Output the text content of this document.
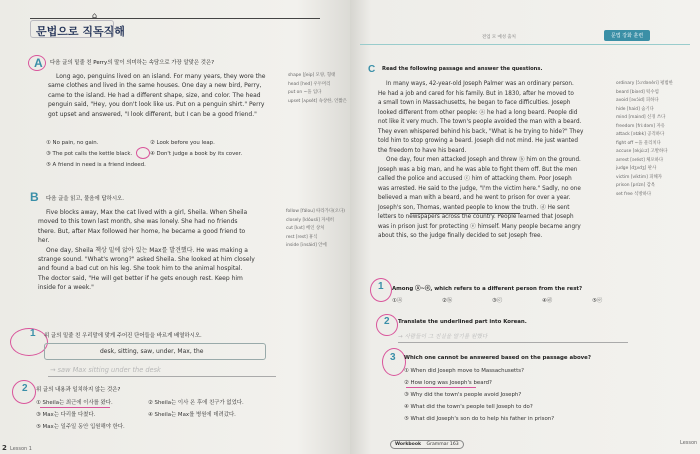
⌂
문법으로 직독직해
A 다음 글의 밑줄 친 Perry의 말이 의미하는 속담으로 가장 알맞은 것은?
Long ago, penguins lived on an island. For many years, they wore the
same clothes and lived in the same houses. One day a new bird, Perry,
came to the island. He had a different shape, size, and color. The head
penguin said, "Hey, you don't look like us. Put on a penguin shirt." Perry
got upset and answered, "I look different, but I can be a good friend."
shape [ʃeip] 모양, 형태
head [hed] 우두머리
put on ~을 입다
upset [ʌpsét] 속상한, 언짢은
① No pain, no gain.	② Look before you leap.
③ The pot calls the kettle black.	④ Don't judge a book by its cover.
⑤ A friend in need is a friend indeed.
B 다음 글을 읽고, 물음에 답하시오.
Five blocks away, Max the cat lived with a girl, Sheila. When Sheila
moved to this town last month, she was lonely. She had no friends
there. But, after Max followed her home, he became a good friend to
her.
One day, Sheila 책상 밑에 앉아 있는 Max를 발견했다. He was making a
strange sound. "What's wrong?" asked Sheila. She looked at him closely
and found a bad cut on his leg. She took him to the animal hospital.
The doctor said, "He will get better if he gets enough rest. Keep him
inside for a week."
follow [fálou] 따라가다(오다)
closely [klóusli] 자세히
cut [kʌt] 베인 상처
rest [rest] 휴식
inside [insáid] 안에
1 위 글의 밑줄 친 우리말에 맞게 주어진 단어들을 바르게 배열하시오.
desk, sitting, saw, under, Max, the
→ saw Max sitting under the desk
2 위 글의 내용과 일치하지 않는 것은?
① Sheila는 최근에 이사를 왔다.	② Sheila는 이사 온 후에 친구가 없었다.
③ Max는 다리를 다쳤다.	④ Sheila는 Max를 병원에 데려갔다.
⑤ Max는 일주일 동안 입원해야 한다.
2 Lesson 1
전업 모 예성 출처	문법 강화 훈련
C Read the following passage and answer the questions.
In many ways, 42-year-old Joseph Palmer was an ordinary person.
He had a job and cared for his family. But in 1830, after he moved to
a small town in Massachusetts, he began to face difficulties. Joseph
looked different from other people: ⓐ he had a long beard. People did
not like it very much. The town's people avoided the man with a beard.
They even whispered behind his back, "What is he trying to hide?" They
told him to stop growing a beard. Joseph did not mind. He just wanted
the freedom to have his beard.
One day, four men attacked Joseph and threw ⓑ him on the ground.
Joseph was a big man, and he was able to fight them off. But the men
called the police and accused ⓒ him of attacking them. Poor Joseph
was arrested. He said to the judge, "I'm the victim here." Sadly, no one
believed a man with a beard, and he went to prison for over a year.
Joseph's son, Thomas, wanted people to know the truth. ⓓ He sent
letters to newspapers across the country. People learned that Joseph
was in prison just for protecting ⓔ himself. Many people became angry
about this, so the judge finally decided to set Joseph free.
ordinary [ɔ́ːrdənèri] 평범한
beard [biərd] 턱수염
avoid [əvɔ́id] 피하다
hide [haid] 숨기다
mind [maind] 신경 쓰다
freedom [fríːdəm] 자유
attack [ətǽk] 공격하다
fight off ~을 물리치다
accuse [əkjúːz] 고발하다
arrest [ərést] 체포하다
judge [dʒʌdʒ] 판사
victim [víktim] 피해자
prison [prízn] 감옥
set free 석방하다
1 Among ⓐ~ⓔ, which refers to a different person from the rest?
①ⓐ	②ⓑ	③ⓒ	④ⓓ	⑤ⓔ
2 Translate the underlined part into Korean.
→ 사람들이 그 진실을 알기를 원했다
3 Which one cannot be answered based on the passage above?
① When did Joseph move to Massachusetts?
② How long was Joseph's beard?
③ Why did the town's people avoid Joseph?
④ What did the town's people tell Joseph to do?
⑤ What did Joseph's son do to help his father in prison?
Workbook Grammar 163	Lesson
